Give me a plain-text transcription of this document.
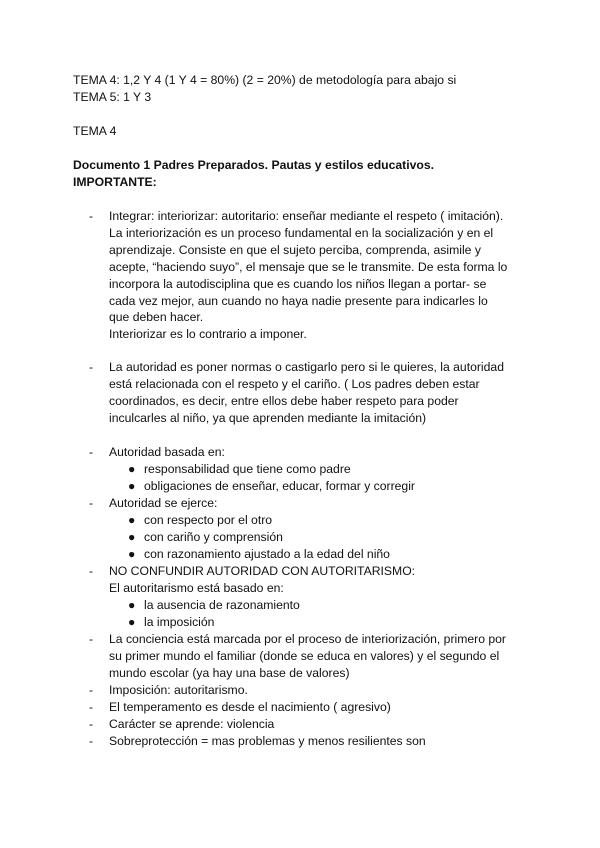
TEMA 4: 1,2 Y 4 (1 Y 4 = 80%) (2 = 20%) de metodología para abajo si
TEMA 5: 1 Y 3
TEMA 4
Documento 1 Padres Preparados. Pautas y estilos educativos.
IMPORTANTE:
- Integrar: interiorizar: autoritario: enseñar mediante el respeto ( imitación).

La interiorización es un proceso fundamental en la socialización y en el aprendizaje. Consiste en que el sujeto perciba, comprenda, asimile y acepte, “haciendo suyo”, el mensaje que se le transmite. De esta forma lo incorpora la autodisciplina que es cuando los niños llegan a portar- se cada vez mejor, aun cuando no haya nadie presente para indicarles lo que deben hacer.

Interiorizar es lo contrario a imponer.

- La autoridad es poner normas o castigarlo pero si le quieres, la autoridad está relacionada con el respeto y el cariño. ( Los padres deben estar coordinados, es decir, entre ellos debe haber respeto para poder inculcarles al niño, ya que aprenden mediante la imitación)

- Autoridad basada en:

● responsabilidad que tiene como padre
● obligaciones de enseñar, educar, formar y corregir
- Autoridad se ejerce:

● con respecto por el otro
● con cariño y comprensión
● con razonamiento ajustado a la edad del niño
- NO CONFUNDIR AUTORIDAD CON AUTORITARISMO:

El autoritarismo está basado en:

● la ausencia de razonamiento
● la imposición
- La conciencia está marcada por el proceso de interiorización, primero por su primer mundo el familiar (donde se educa en valores) y el segundo el mundo escolar (ya hay una base de valores)

- Imposición: autoritarismo.

- El temperamento es desde el nacimiento ( agresivo)

- Carácter se aprende: violencia

- Sobreprotección = mas problemas y menos resilientes son
